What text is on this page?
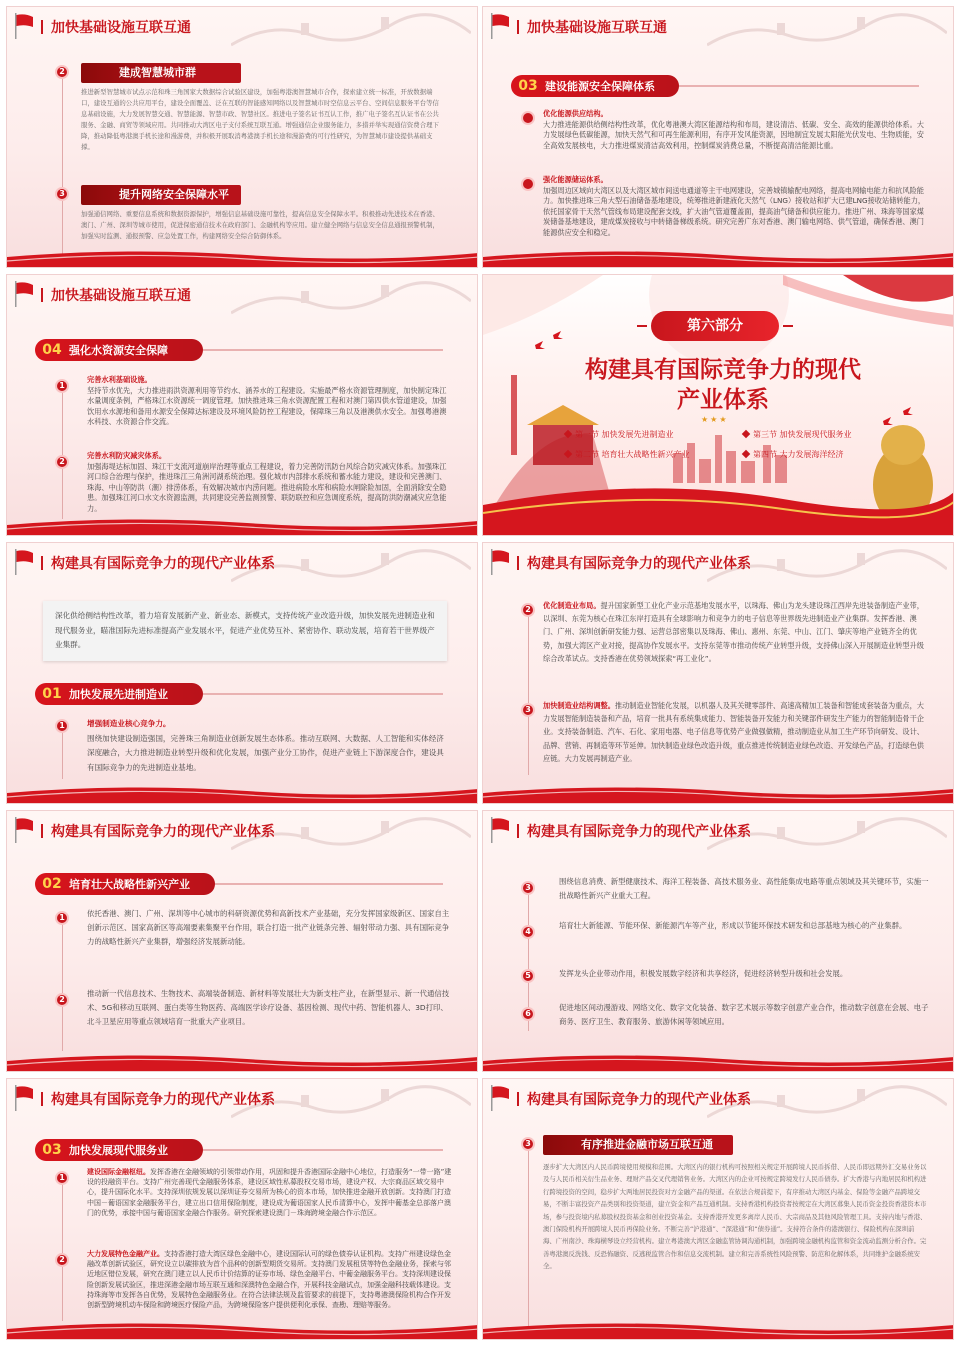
加快基础设施互联互通
2	建成智慧城市群
推进新型智慧城市试点示范和珠三角国家大数据综合试验区建设，加强粤港澳智慧城市合作，探索建立统一标准，开放数据端口，建设互通的公共应用平台，建设全面覆盖、泛在互联的智能感知网络以及智慧城市时空信息云平台、空间信息服务平台等信息基础设施，大力发展智慧交通、智慧能源、智慧市政、智慧社区。推进电子签名证书互认工作，推广电子签名互认证书在公共服务、金融、商贸等领域应用。共同推动大湾区电子支付系统互联互通。增强通信企业服务能力，多措并举实现通信资费合理下降，推动降低粤港澳手机长途和漫游费，并积极开展取消粤港澳手机长途和漫游费的可行性研究，为智慧城市建设提供基础支撑。
3	提升网络安全保障水平
加强通信网络、重要信息系统和数据资源保护，增强信息基础设施可靠性，提高信息安全保障水平。积极推动先进技术在香港、澳门、广州、深圳等城市使用，促进保密通信技术在政府部门、金融机构等应用。建立健全网络与信息安全信息通报预警机制，加强实时监测、通报预警、应急处置工作，构建网络安全综合防御体系。
加快基础设施互联互通
03 建设能源安全保障体系
优化能源供应结构。
大力推进能源供给侧结构性改革，优化粤港澳大湾区能源结构和布局，建设清洁、低碳、安全、高效的能源供给体系。大力发展绿色低碳能源，加快天然气和可再生能源利用，有序开发风能资源，因地制宜发展太阳能光伏发电、生物质能，安全高效发展核电，大力推进煤炭清洁高效利用，控制煤炭消费总量，不断提高清洁能源比重。
强化能源储运体系。
加强周边区域向大湾区以及大湾区城市间送电通道等主干电网建设，完善城镇输配电网络，提高电网输电能力和抗风险能力。加快推进珠三角大型石油储备基地建设，统筹推进新建液化天然气（LNG）接收站和扩大已建LNG接收站储转能力，依托国家骨干天然气管线布局建设配套支线，扩大油气管道覆盖面，提高油气储备和供应能力。推进广州、珠海等国家煤炭储备基地建设，建成煤炭接收与中转储备梯级系统。研究完善广东对香港、澳门输电网络、供气管道，确保香港、澳门能源供应安全和稳定。
加快基础设施互联互通
04 强化水资源安全保障
1
完善水利基础设施。
坚持节水优先，大力推进雨洪资源利用等节约水、涵养水的工程建设。实施最严格水资源管理制度，加快制定珠江水量调度条例，严格珠江水资源统一调度管理。加快推进珠三角水资源配置工程和对澳门第四供水管道建设，加强饮用水水源地和备用水源安全保障达标建设及环境风险防控工程建设，保障珠三角以及港澳供水安全。加强粤港澳水科技、水资源合作交流。
2
完善水利防灾减灾体系。
加强海堤达标加固、珠江干支流河道崩岸治理等重点工程建设，着力完善防汛防台风综合防灾减灾体系。加强珠江河口综合治理与保护，推进珠江三角洲河湖系统治理。强化城市内部排水系统和蓄水能力建设，建设和完善澳门、珠海、中山等防洪（潮）排涝体系，有效解决城市内涝问题。推进病险水库和病险水闸除险加固，全面消除安全隐患。加强珠江河口水文水资源监测，共同建设完善监测预警、联防联控和应急调度系统，提高防洪防潮减灾应急能力。
第六部分
构建具有国际竞争力的现代
产业体系
★★★
第一节 加快发展先进制造业
第二节 培育壮大战略性新兴产业
第三节 加快发展现代服务业
第四节 大力发展海洋经济
构建具有国际竞争力的现代产业体系
深化供给侧结构性改革，着力培育发展新产业、新业态、新模式，支持传统产业改造升级，加快发展先进制造业和现代服务业，瞄准国际先进标准提高产业发展水平，促进产业优势互补、紧密协作、联动发展，培育若干世界级产业集群。
01 加快发展先进制造业
1	增强制造业核心竞争力。
围绕加快建设制造强国，完善珠三角制造业创新发展生态体系。推动互联网、大数据、人工智能和实体经济深度融合，大力推进制造业转型升级和优化发展，加强产业分工协作，促进产业链上下游深度合作，建设具有国际竞争力的先进制造业基地。
构建具有国际竞争力的现代产业体系
2	优化制造业布局。提升国家新型工业化产业示范基地发展水平，以珠海、佛山为龙头建设珠江西岸先进装备制造产业带，以深圳、东莞为核心在珠江东岸打造具有全球影响力和竞争力的电子信息等世界级先进制造业产业集群。发挥香港、澳门、广州、深圳创新研发能力强、运营总部密集以及珠海、佛山、惠州、东莞、中山、江门、肇庆等地产业链齐全的优势，加强大湾区产业对接，提高协作发展水平。支持东莞等市推动传统产业转型升级，支持佛山深入开展制造业转型升级综合改革试点。支持香港在优势领域探索“再工业化”。
3	加快制造业结构调整。推动制造业智能化发展，以机器人及其关键零部件、高速高精加工装备和智能成套装备为重点，大力发展智能制造装备和产品，培育一批具有系统集成能力、智能装备开发能力和关键部件研发生产能力的智能制造骨干企业。支持装备制造、汽车、石化、家用电器、电子信息等优势产业做强做精，推动制造业从加工生产环节向研发、设计、品牌、营销、再制造等环节延伸。加快制造业绿色改造升级，重点推进传统制造业绿色改造、开发绿色产品，打造绿色供应链。大力发展再制造产业。
构建具有国际竞争力的现代产业体系
02 培育壮大战略性新兴产业
1	依托香港、澳门、广州、深圳等中心城市的科研资源优势和高新技术产业基础，充分发挥国家级新区、国家自主创新示范区、国家高新区等高端要素集聚平台作用，联合打造一批产业链条完善、辐射带动力强、具有国际竞争力的战略性新兴产业集群，增强经济发展新动能。
2
推动新一代信息技术、生物技术、高端装备制造、新材料等发展壮大为新支柱产业，在新型显示、新一代通信技术、5G和移动互联网、蛋白类等生物医药、高端医学诊疗设备、基因检测、现代中药、智能机器人、3D打印、北斗卫星应用等重点领域培育一批重大产业项目。
构建具有国际竞争力的现代产业体系
3
围绕信息消费、新型健康技术、海洋工程装备、高技术服务业、高性能集成电路等重点领域及其关键环节，实施一批战略性新兴产业重大工程。
4
培育壮大新能源、节能环保、新能源汽车等产业，形成以节能环保技术研发和总部基地为核心的产业集群。
5	发挥龙头企业带动作用，积极发展数字经济和共享经济，促进经济转型升级和社会发展。
6
促进地区间动漫游戏、网络文化、数字文化装备、数字艺术展示等数字创意产业合作，推动数字创意在会展、电子商务、医疗卫生、教育服务、旅游休闲等领域应用。
构建具有国际竞争力的现代产业体系
03 加快发展现代服务业
1
建设国际金融枢纽。发挥香港在金融领域的引领带动作用，巩固和提升香港国际金融中心地位，打造服务“一带一路”建设的投融资平台。支持广州完善现代金融服务体系，建设区域性私募股权交易市场，建设产权、大宗商品区域交易中心，提升国际化水平。支持深圳依规发展以深圳证券交易所为核心的资本市场，加快推进金融开放创新。支持澳门打造中国－葡语国家金融服务平台，建立出口信用保险制度，建设成为葡语国家人民币清算中心，发挥中葡基金总部落户澳门的优势，承接中国与葡语国家金融合作服务。研究探索建设澳门－珠海跨境金融合作示范区。
2
大力发展特色金融产业。支持香港打造大湾区绿色金融中心，建设国际认可的绿色债券认证机构。支持广州建设绿色金融改革创新试验区，研究设立以碳排放为首个品种的创新型期货交易所。支持澳门发展租赁等特色金融业务，探索与邻近地区错位发展，研究在澳门建立以人民币计价结算的证券市场、绿色金融平台、中葡金融服务平台。支持深圳建设保险创新发展试验区，推进深港金融市场互联互通和深澳特色金融合作，开展科技金融试点，加强金融科技载体建设。支持珠海等市发挥各自优势，发展特色金融服务业。在符合法律法规及监管要求的前提下，支持粤港澳保险机构合作开发创新型跨境机动车保险和跨境医疗保险产品，为跨境保险客户提供便利化承保、查勘、理赔等服务。
构建具有国际竞争力的现代产业体系
3	有序推进金融市场互联互通
逐步扩大大湾区内人民币跨境使用规模和范围。大湾区内的银行机构可按照相关规定开展跨境人民币拆借、人民币即远期外汇交易业务以及与人民币相关衍生品业务、理财产品交叉代理销售业务。大湾区内的企业可按规定跨境发行人民币债券。扩大香港与内地居民和机构进行跨境投资的空间，稳步扩大两地居民投资对方金融产品的渠道。在依法合规前提下，有序推动大湾区内基金、保险等金融产品跨境交易，不断丰富投资产品类别和投资渠道，建立资金和产品互通机制。支持香港机构投资者按规定在大湾区募集人民币资金投资香港资本市场，参与投资境内私募股权投资基金和创业投资基金。支持香港开发更多离岸人民币、大宗商品及其他风险管理工具。支持内地与香港、澳门保险机构开展跨境人民币再保险业务。不断完善“沪港通”、“深港通”和“债券通”。支持符合条件的港澳银行、保险机构在深圳前海、广州南沙、珠海横琴设立经营机构。建立粤港澳大湾区金融监管协调沟通机制，加强跨境金融机构监管和资金流动监测分析合作。完善粤港澳反洗钱、反恐怖融资、反逃税监管合作和信息交流机制。建立和完善系统性风险预警、防范和化解体系，共同维护金融系统安全。
